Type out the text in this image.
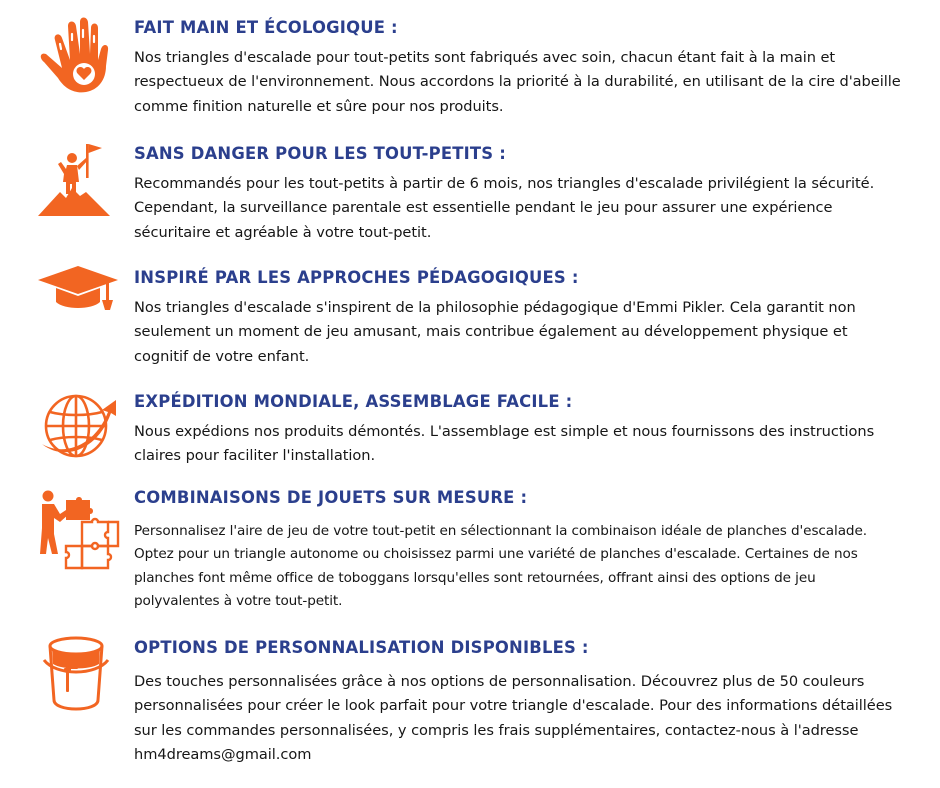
FAIT MAIN ET ÉCOLOGIQUE :

Nos triangles d'escalade pour tout-petits sont fabriqués avec soin, chacun étant fait à la main et respectueux de l'environnement. Nous accordons la priorité à la durabilité, en utilisant de la cire d'abeille comme finition naturelle et sûre pour nos produits.

SANS DANGER POUR LES TOUT-PETITS :

Recommandés pour les tout-petits à partir de 6 mois, nos triangles d'escalade privilégient la sécurité. Cependant, la surveillance parentale est essentielle pendant le jeu pour assurer une expérience sécuritaire et agréable à votre tout-petit.

INSPIRÉ PAR LES APPROCHES PÉDAGOGIQUES :

Nos triangles d'escalade s'inspirent de la philosophie pédagogique d'Emmi Pikler. Cela garantit non seulement un moment de jeu amusant, mais contribue également au développement physique et cognitif de votre enfant.

EXPÉDITION MONDIALE, ASSEMBLAGE FACILE :

Nous expédions nos produits démontés. L'assemblage est simple et nous fournissons des instructions claires pour faciliter l'installation.

COMBINAISONS DE JOUETS SUR MESURE :

Personnalisez l'aire de jeu de votre tout-petit en sélectionnant la combinaison idéale de planches d'escalade. Optez pour un triangle autonome ou choisissez parmi une variété de planches d'escalade. Certaines de nos planches font même office de toboggans lorsqu'elles sont retournées, offrant ainsi des options de jeu polyvalentes à votre tout-petit.

OPTIONS DE PERSONNALISATION DISPONIBLES :

Des touches personnalisées grâce à nos options de personnalisation. Découvrez plus de 50 couleurs personnalisées pour créer le look parfait pour votre triangle d'escalade. Pour des informations détaillées sur les commandes personnalisées, y compris les frais supplémentaires, contactez-nous à l'adresse hm4dreams@gmail.com
